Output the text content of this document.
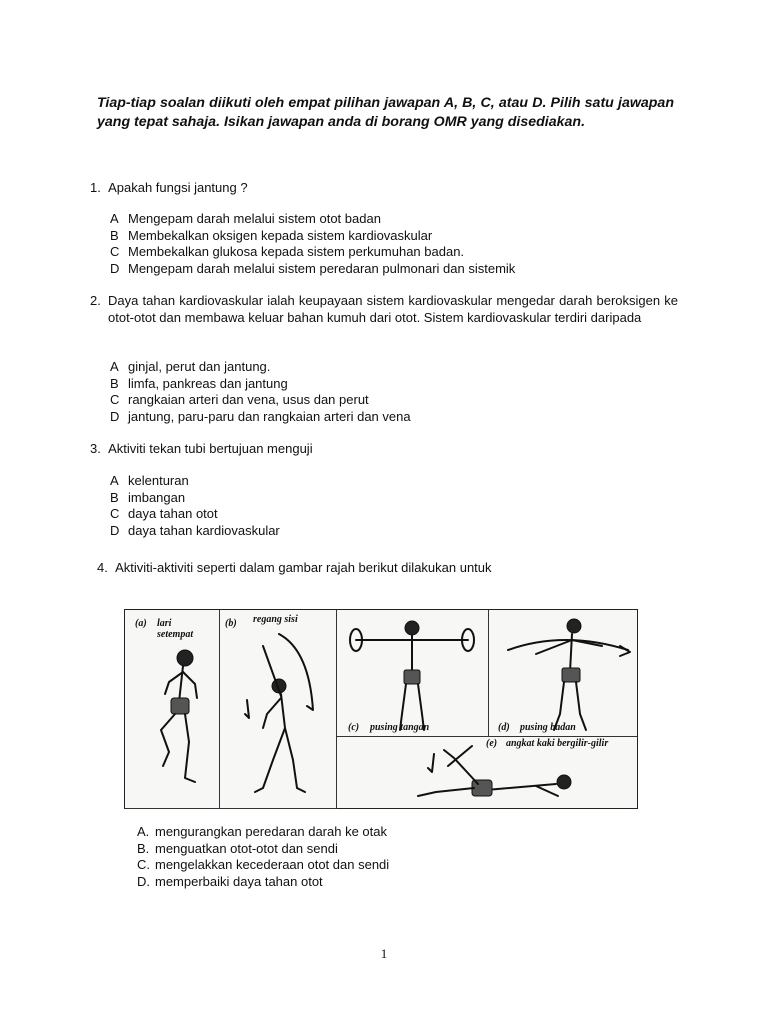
Tiap-tiap soalan diikuti oleh empat pilihan jawapan A, B, C, atau D. Pilih satu jawapan yang tepat sahaja. Isikan jawapan anda di borang OMR yang disediakan.
1. Apakah fungsi jantung ?
A Mengepam darah melalui sistem otot badan
B Membekalkan oksigen kepada sistem kardiovaskular
C Membekalkan glukosa kepada sistem perkumuhan badan.
D Mengepam darah melalui sistem peredaran pulmonari dan sistemik
2. Daya tahan kardiovaskular ialah keupayaan sistem kardiovaskular mengedar darah beroksigen ke otot-otot dan membawa keluar bahan kumuh dari otot. Sistem kardiovaskular terdiri daripada
A ginjal, perut dan jantung.
B limfa, pankreas dan jantung
C rangkaian arteri dan vena, usus dan perut
D jantung, paru-paru dan rangkaian arteri dan vena
3. Aktiviti tekan tubi bertujuan menguji
A kelenturan
B imbangan
C daya tahan otot
D daya tahan kardiovaskular
4. Aktiviti-aktiviti seperti dalam gambar rajah berikut dilakukan untuk
(a) lari setempat
(b) regang sisi
(c) pusing tangan	(d) pusing badan
(e) angkat kaki bergilir-gilir
A. mengurangkan peredaran darah ke otak
B. menguatkan otot-otot dan sendi
C. mengelakkan kecederaan otot dan sendi
D. memperbaiki daya tahan otot
1
